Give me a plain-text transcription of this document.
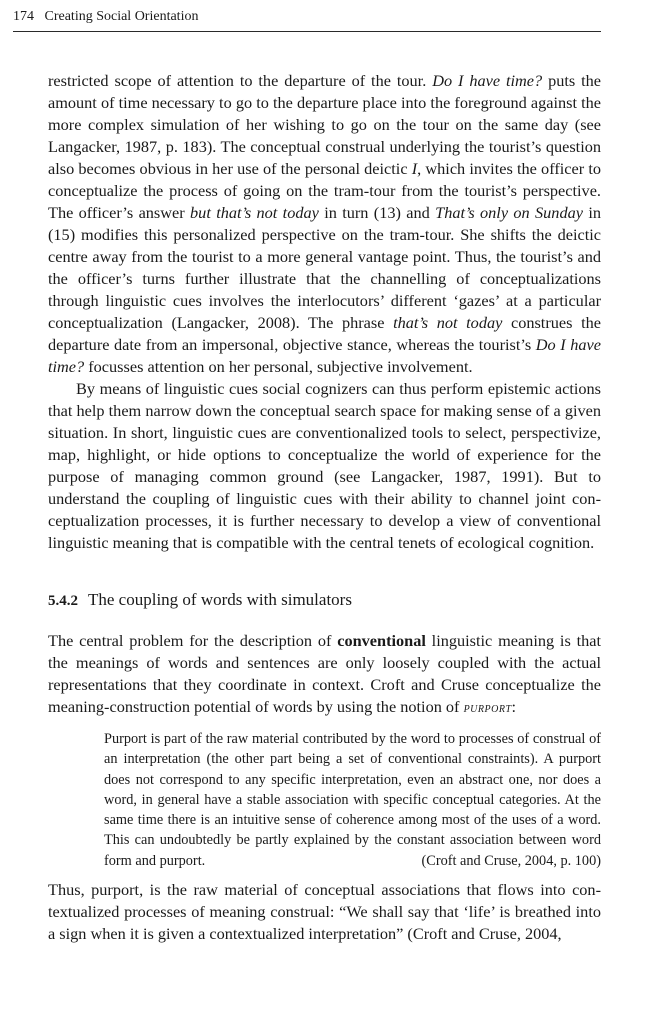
174 Creating Social Orientation

restricted scope of attention to the departure of the tour. Do I have time? puts the amount of time necessary to go to the departure place into the foreground against the more complex simulation of her wishing to go on the tour on the same day (see Langacker, 1987, p. 183). The conceptual construal underlying the tourist’s question also becomes obvious in her use of the personal deictic I, which invites the officer to conceptualize the process of going on the tram-tour from the tourist’s perspective. The officer’s answer but that’s not today in turn (13) and That’s only on Sunday in (15) modifies this personalized perspective on the tram-tour. She shifts the deictic centre away from the tourist to a more general vantage point. Thus, the tourist’s and the officer’s turns further illustrate that the channelling of conceptualizations through linguistic cues involves the interlocutors’ different ‘gazes’ at a particular conceptualization (Langacker, 2008). The phrase that’s not today construes the departure date from an impersonal, objective stance, whereas the tourist’s Do I have time? focusses attention on her personal, subjective involvement.

By means of linguistic cues social cognizers can thus perform epistemic actions that help them narrow down the conceptual search space for making sense of a given situation. In short, linguistic cues are conventionalized tools to select, perspectivize, map, highlight, or hide options to conceptualize the world of experience for the purpose of managing common ground (see Langacker, 1987, 1991). But to understand the coupling of linguistic cues with their ability to channel joint conceptualization processes, it is further necessary to develop a view of conventional linguistic meaning that is compatible with the central tenets of ecological cognition.

5.4.2 The coupling of words with simulators

The central problem for the description of conventional linguistic meaning is that the meanings of words and sentences are only loosely coupled with the actual representations that they coordinate in context. Croft and Cruse conceptualize the meaning-construction potential of words by using the notion of purport:

Purport is part of the raw material contributed by the word to processes of construal of an interpretation (the other part being a set of conventional constraints). A purport does not correspond to any specific interpretation, even an abstract one, nor does a word, in general have a stable association with specific conceptual categories. At the same time there is an intuitive sense of coherence among most of the uses of a word. This can undoubtedly be partly explained by the constant association between word form and purport.	(Croft and Cruse, 2004, p. 100)

Thus, purport, is the raw material of conceptual associations that flows into contextualized processes of meaning construal: “We shall say that ‘life’ is breathed into a sign when it is given a contextualized interpretation” (Croft and Cruse, 2004,
